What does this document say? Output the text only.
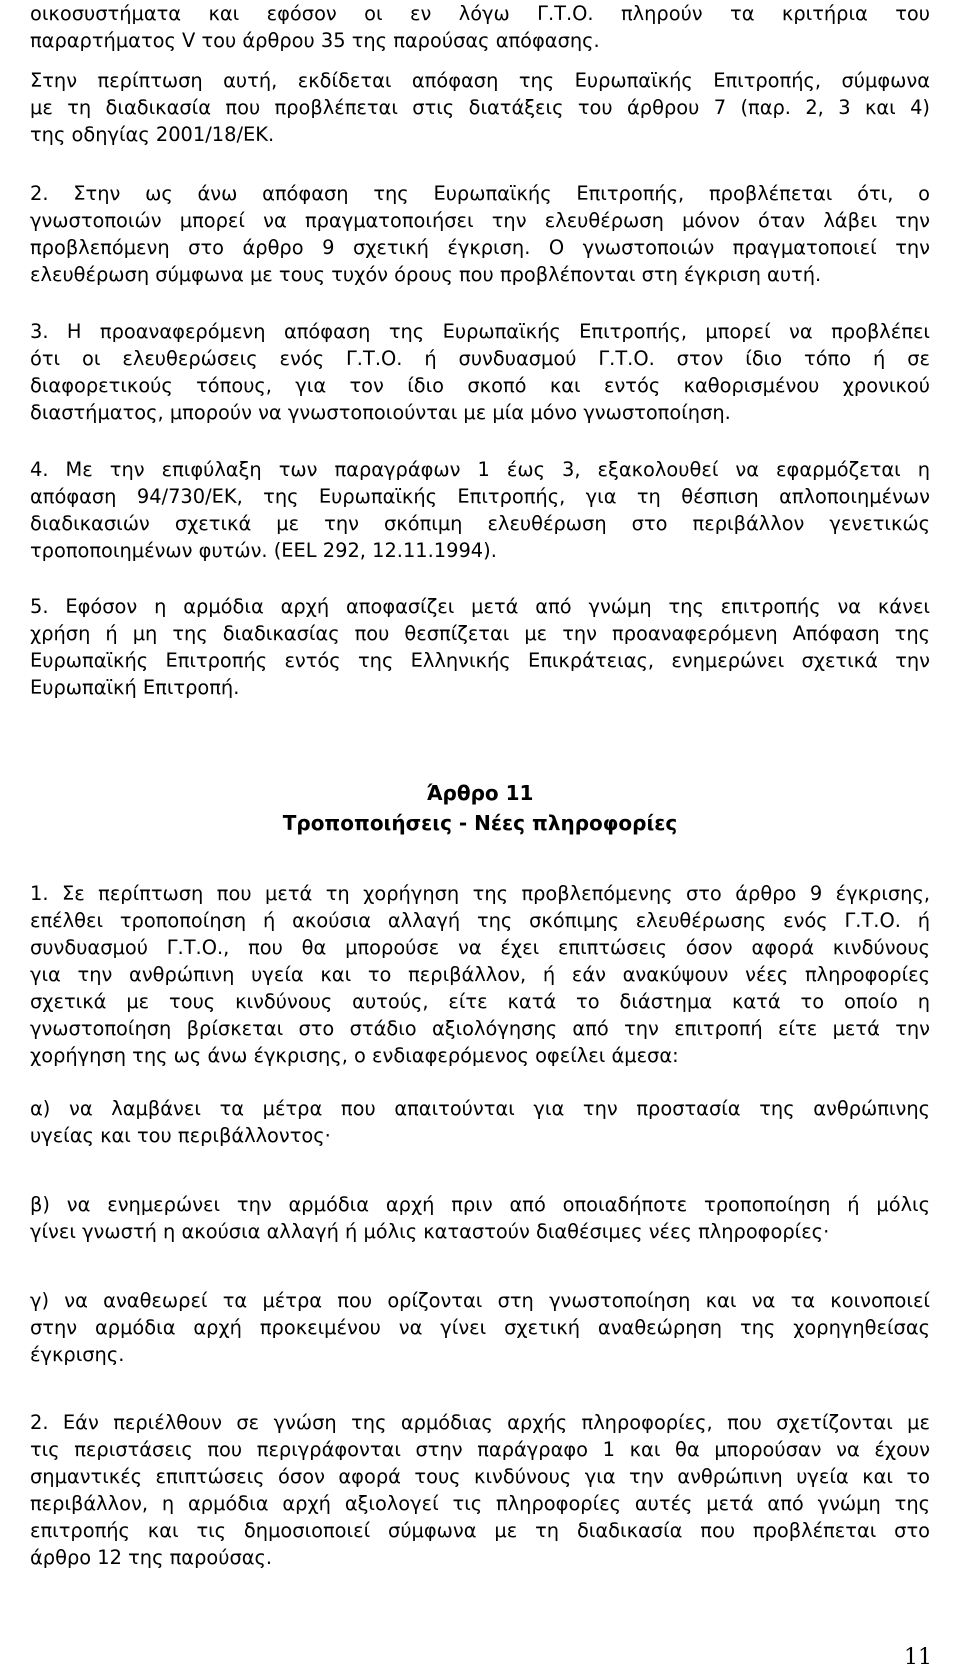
οικοσυστήματα και εφόσον οι εν λόγω Γ.Τ.Ο. πληρούν τα κριτήρια του
παραρτήματος V του άρθρου 35 της παρούσας απόφασης.
Στην περίπτωση αυτή, εκδίδεται απόφαση της Ευρωπαϊκής Επιτροπής, σύμφωνα
με τη διαδικασία που προβλέπεται στις διατάξεις του άρθρου 7 (παρ. 2, 3 και 4)
της οδηγίας 2001/18/ΕΚ.
2. Στην ως άνω απόφαση της Ευρωπαϊκής Επιτροπής, προβλέπεται ότι, ο
γνωστοποιών μπορεί να πραγματοποιήσει την ελευθέρωση μόνον όταν λάβει την
προβλεπόμενη στο άρθρο 9 σχετική έγκριση. Ο γνωστοποιών πραγματοποιεί την
ελευθέρωση σύμφωνα με τους τυχόν όρους που προβλέπονται στη έγκριση αυτή.
3. Η προαναφερόμενη απόφαση της Ευρωπαϊκής Επιτροπής, μπορεί να προβλέπει
ότι οι ελευθερώσεις ενός Γ.Τ.Ο. ή συνδυασμού Γ.Τ.Ο. στον ίδιο τόπο ή σε
διαφορετικούς τόπους, για τον ίδιο σκοπό και εντός καθορισμένου χρονικού
διαστήματος, μπορούν να γνωστοποιούνται με μία μόνο γνωστοποίηση.
4. Με την επιφύλαξη των παραγράφων 1 έως 3, εξακολουθεί να εφαρμόζεται η
απόφαση 94/730/ΕΚ, της Ευρωπαϊκής Επιτροπής, για τη θέσπιση απλοποιημένων
διαδικασιών σχετικά με την σκόπιμη ελευθέρωση στο περιβάλλον γενετικώς
τροποποιημένων φυτών. (ΕΕL 292, 12.11.1994).
5. Εφόσον η αρμόδια αρχή αποφασίζει μετά από γνώμη της επιτροπής να κάνει
χρήση ή μη της διαδικασίας που θεσπίζεται με την προαναφερόμενη Απόφαση της
Ευρωπαϊκής Επιτροπής εντός της Ελληνικής Επικράτειας, ενημερώνει σχετικά την
Ευρωπαϊκή Επιτροπή.
Άρθρο 11
Τροποποιήσεις - Νέες πληροφορίες
1. Σε περίπτωση που μετά τη χορήγηση της προβλεπόμενης στο άρθρο 9 έγκρισης,
επέλθει τροποποίηση ή ακούσια αλλαγή της σκόπιμης ελευθέρωσης ενός Γ.Τ.Ο. ή
συνδυασμού Γ.Τ.Ο., που θα μπορούσε να έχει επιπτώσεις όσον αφορά κινδύνους
για την ανθρώπινη υγεία και το περιβάλλον, ή εάν ανακύψουν νέες πληροφορίες
σχετικά με τους κινδύνους αυτούς, είτε κατά το διάστημα κατά το οποίο η
γνωστοποίηση βρίσκεται στο στάδιο αξιολόγησης από την επιτροπή είτε μετά την
χορήγηση της ως άνω έγκρισης, ο ενδιαφερόμενος οφείλει άμεσα:
α) να λαμβάνει τα μέτρα που απαιτούνται για την προστασία της ανθρώπινης
υγείας και του περιβάλλοντος·
β) να ενημερώνει την αρμόδια αρχή πριν από οποιαδήποτε τροποποίηση ή μόλις
γίνει γνωστή η ακούσια αλλαγή ή μόλις καταστούν διαθέσιμες νέες πληροφορίες·
γ) να αναθεωρεί τα μέτρα που ορίζονται στη γνωστοποίηση και να τα κοινοποιεί
στην αρμόδια αρχή προκειμένου να γίνει σχετική αναθεώρηση της χορηγηθείσας
έγκρισης.
2. Εάν περιέλθουν σε γνώση της αρμόδιας αρχής πληροφορίες, που σχετίζονται με
τις περιστάσεις που περιγράφονται στην παράγραφο 1 και θα μπορούσαν να έχουν
σημαντικές επιπτώσεις όσον αφορά τους κινδύνους για την ανθρώπινη υγεία και το
περιβάλλον, η αρμόδια αρχή αξιολογεί τις πληροφορίες αυτές μετά από γνώμη της
επιτροπής και τις δημοσιοποιεί σύμφωνα με τη διαδικασία που προβλέπεται στο
άρθρο 12 της παρούσας.
11
